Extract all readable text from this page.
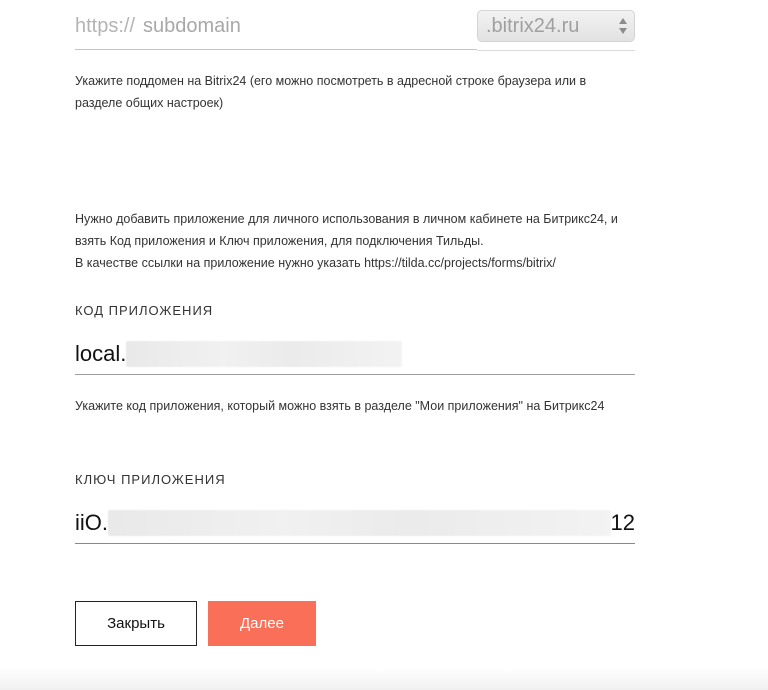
https:// subdomain	.bitrix24.ru
Укажите поддомен на Bitrix24 (его можно посмотреть в адресной строке браузера или в разделе общих настроек)
Нужно добавить приложение для личного использования в личном кабинете на Битрикс24, и взять Код приложения и Ключ приложения, для подключения Тильды.
В качестве ссылки на приложение нужно указать https://tilda.cc/projects/forms/bitrix/
КОД ПРИЛОЖЕНИЯ
local.
Укажите код приложения, который можно взять в разделе "Мои приложения" на Битрикс24
КЛЮЧ ПРИЛОЖЕНИЯ
iiO.	12
Закрыть	Далее
